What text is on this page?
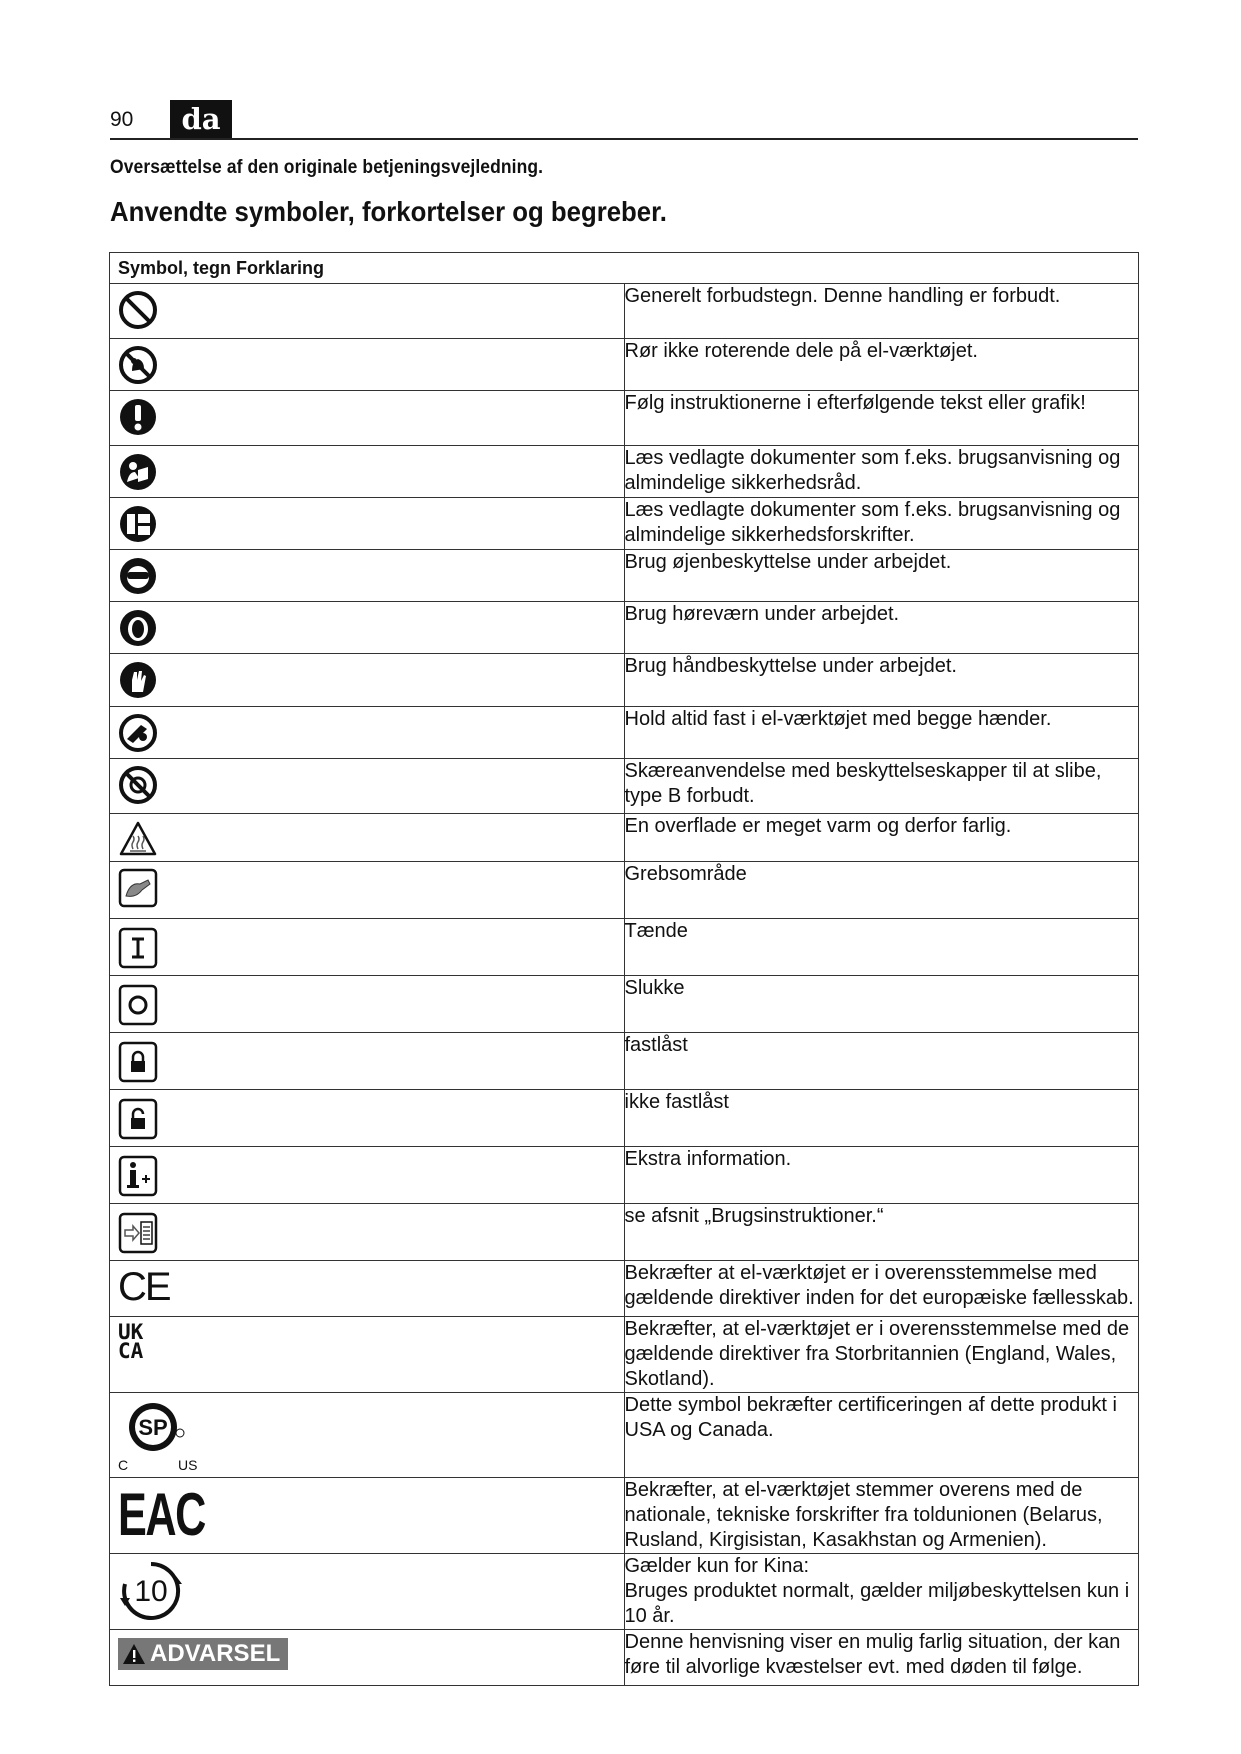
90	da
Oversættelse af den originale betjeningsvejledning.
Anvendte symboler, forkortelser og begreber.
Symbol, tegn Forklaring	

	Generelt forbudstegn. Denne handling er forbudt.

	Rør ikke roterende dele på el-værktøjet.

	Følg instruktionerne i efterfølgende tekst eller grafik!

	Læs vedlagte dokumenter som f.eks. brugsanvisning og almindelige sikkerhedsråd.

	Læs vedlagte dokumenter som f.eks. brugsanvisning og almindelige sikkerhedsforskrifter.

	Brug øjenbeskyttelse under arbejdet.

	Brug høreværn under arbejdet.

	Brug håndbeskyttelse under arbejdet.

	Hold altid fast i el-værktøjet med begge hænder.

	Skæreanvendelse med beskyttelseskapper til at slibe, type B forbudt.

	En overflade er meget varm og derfor farlig.

	Grebsområde

	Tænde

	Slukke

	fastlåst

	ikke fastlåst

	Ekstra information.

	se afsnit „Brugsinstruktioner.“

CE	Bekræfter at el-værktøjet er i overensstemmelse med gældende direktiver inden for det europæiske fællesskab.

UK
CA	Bekræfter, at el-værktøjet er i overensstemmelse med de gældende direktiver fra Storbritannien (England, Wales, Skotland).

SP
C US	Dette symbol bekræfter certificeringen af dette produkt i USA og Canada.

EAC	Bekræfter, at el-værktøjet stemmer overens med de nationale, tekniske forskrifter fra toldunionen (Belarus, Rusland, Kirgisistan, Kasakhstan og Armenien).

10	Gælder kun for Kina:
Bruges produktet normalt, gælder miljøbeskyttelsen kun i 10 år.

ADVARSEL	Denne henvisning viser en mulig farlig situation, der kan føre til alvorlige kvæstelser evt. med døden til følge.
